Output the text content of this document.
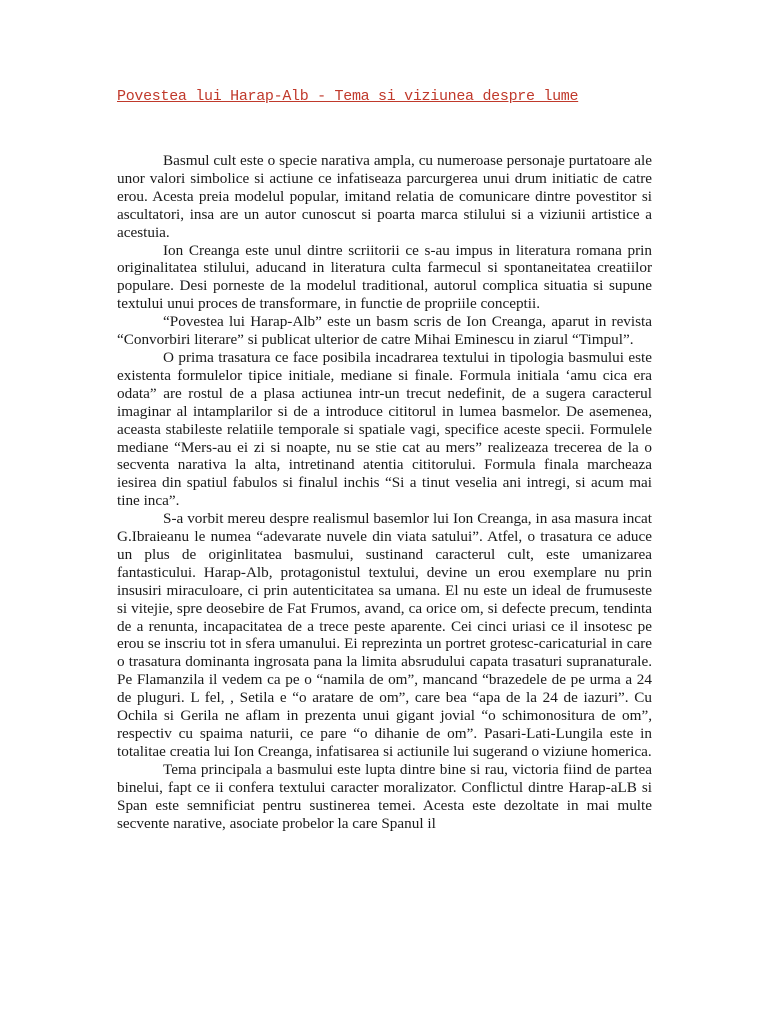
Povestea lui Harap-Alb - Tema si viziunea despre lume

Basmul cult este o specie narativa ampla, cu numeroase personaje purtatoare ale unor valori simbolice si actiune ce infatiseaza parcurgerea unui drum initiatic de catre erou. Acesta preia modelul popular, imitand relatia de comunicare dintre povestitor si ascultatori, insa are un autor cunoscut si poarta marca stilului si a viziunii artistice a acestuia.

Ion Creanga este unul dintre scriitorii ce s-au impus in literatura romana prin originalitatea stilului, aducand in literatura culta farmecul si spontaneitatea creatiilor populare. Desi porneste de la modelul traditional, autorul complica situatia si supune textului unui proces de transformare, in functie de propriile conceptii.

“Povestea lui Harap-Alb” este un basm scris de Ion Creanga, aparut in revista “Convorbiri literare” si publicat ulterior de catre Mihai Eminescu in ziarul “Timpul”.

O prima trasatura ce face posibila incadrarea textului in tipologia basmului este existenta formulelor tipice initiale, mediane si finale. Formula initiala ‘amu cica era odata” are rostul de a plasa actiunea intr-un trecut nedefinit, de a sugera caracterul imaginar al intamplarilor si de a introduce cititorul in lumea basmelor. De asemenea, aceasta stabileste relatiile temporale si spatiale vagi, specifice aceste specii. Formulele mediane “Mers-au ei zi si noapte, nu se stie cat au mers” realizeaza trecerea de la o secventa narativa la alta, intretinand atentia cititorului. Formula finala marcheaza iesirea din spatiul fabulos si finalul inchis “Si a tinut veselia ani intregi, si acum mai tine inca”.

S-a vorbit mereu despre realismul basemlor lui Ion Creanga, in asa masura incat G.Ibraieanu le numea “adevarate nuvele din viata satului”. Atfel, o trasatura ce aduce un plus de originlitatea basmului, sustinand caracterul cult, este umanizarea fantasticului. Harap-Alb, protagonistul textului, devine un erou exemplare nu prin insusiri miraculoare, ci prin autenticitatea sa umana. El nu este un ideal de frumuseste si vitejie, spre deosebire de Fat Frumos, avand, ca orice om, si defecte precum, tendinta de a renunta, incapacitatea de a trece peste aparente. Cei cinci uriasi ce il insotesc pe erou se inscriu tot in sfera umanului. Ei reprezinta un portret grotesc-caricaturial in care o trasatura dominanta ingrosata pana la limita absrudului capata trasaturi supranaturale. Pe Flamanzila il vedem ca pe o “namila de om”, mancand “brazedele de pe urma a 24 de pluguri. L fel, , Setila e “o aratare de om”, care bea “apa de la 24 de iazuri”. Cu Ochila si Gerila ne aflam in prezenta unui gigant jovial “o schimonositura de om”, respectiv cu spaima naturii, ce pare “o dihanie de om”. Pasari-Lati-Lungila este in totalitae creatia lui Ion Creanga, infatisarea si actiunile lui sugerand o viziune homerica.

Tema principala a basmului este lupta dintre bine si rau, victoria fiind de partea binelui, fapt ce ii confera textului caracter moralizator. Conflictul dintre Harap-aLB si Span este semnificiat pentru sustinerea temei. Acesta este dezoltate in mai multe secvente narative, asociate probelor la care Spanul il
